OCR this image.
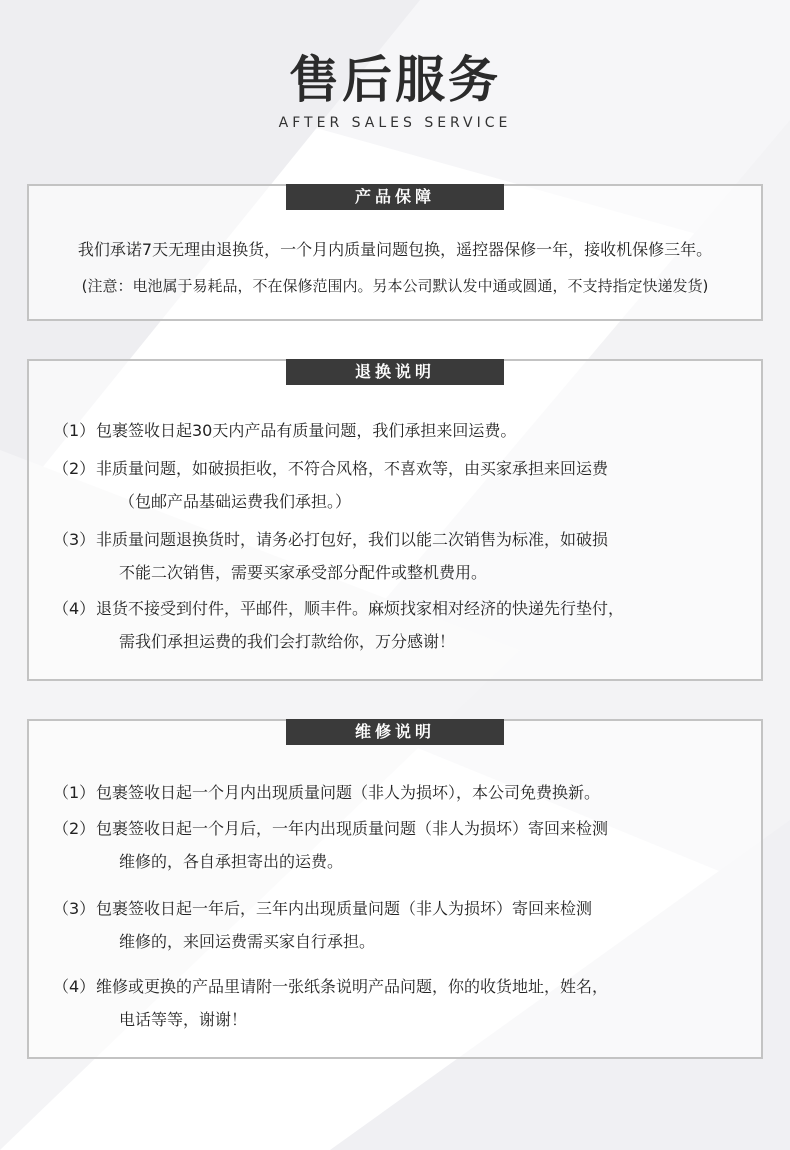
售后服务
AFTER SALES SERVICE
产品保障
我们承诺7天无理由退换货，一个月内质量问题包换，遥控器保修一年，接收机保修三年。
(注意：电池属于易耗品，不在保修范围内。另本公司默认发中通或圆通，不支持指定快递发货)
退换说明
（1） 包裹签收日起30天内产品有质量问题，我们承担来回运费。
（2） 非质量问题，如破损拒收，不符合风格，不喜欢等，由买家承担来回运费
（包邮产品基础运费我们承担。）
（3） 非质量问题退换货时，请务必打包好，我们以能二次销售为标准，如破损
不能二次销售，需要买家承受部分配件或整机费用。
（4） 退货不接受到付件，平邮件，顺丰件。麻烦找家相对经济的快递先行垫付，
需我们承担运费的我们会打款给你，万分感谢！
维修说明
（1） 包裹签收日起一个月内出现质量问题（非人为损坏），本公司免费换新。
（2） 包裹签收日起一个月后，一年内出现质量问题（非人为损坏）寄回来检测
维修的，各自承担寄出的运费。
（3） 包裹签收日起一年后，三年内出现质量问题（非人为损坏）寄回来检测
维修的，来回运费需买家自行承担。
（4） 维修或更换的产品里请附一张纸条说明产品问题，你的收货地址，姓名，
电话等等，谢谢！
